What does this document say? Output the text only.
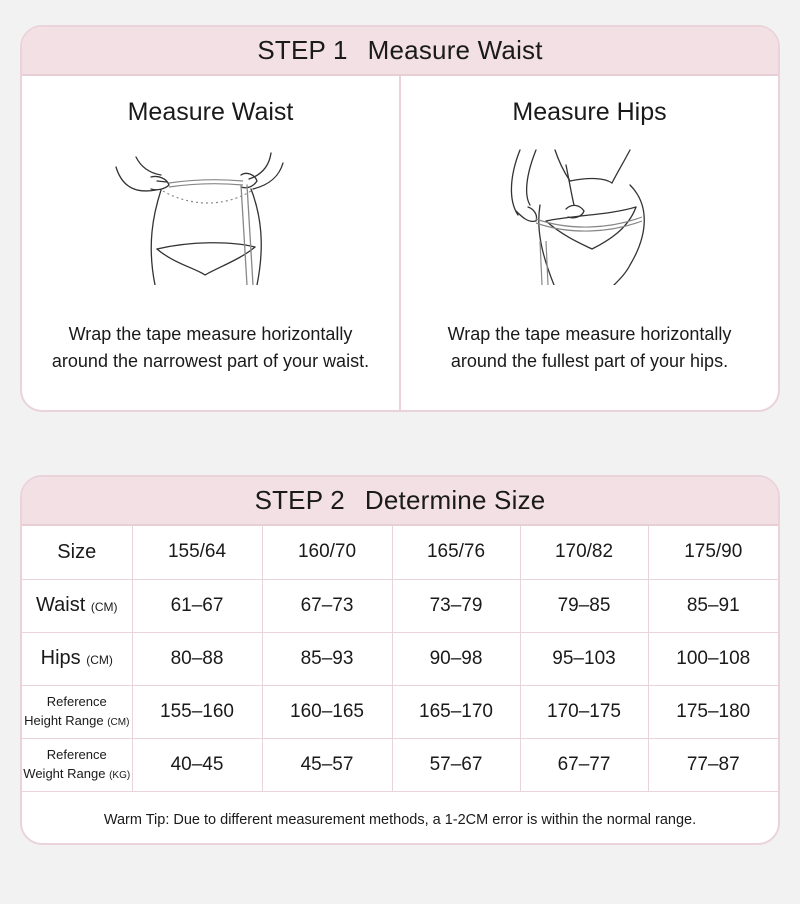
STEP 1 Measure Waist
Measure Waist
Wrap the tape measure horizontally
around the narrowest part of your waist.
Measure Hips
Wrap the tape measure horizontally
around the fullest part of your hips.
STEP 2 Determine Size
Size	155/64	160/70	165/76	170/82	175/90
Waist (CM)	61–67	67–73	73–79	79–85	85–91
Hips (CM)	80–88	85–93	90–98	95–103	100–108

Reference
Height Range (CM)	155–160	160–165	165–170	170–175	175–180

Reference
Weight Range (KG)	40–45	45–57	57–67	67–77	77–87
Warm Tip: Due to different measurement methods, a 1-2CM error is within the normal range.					
